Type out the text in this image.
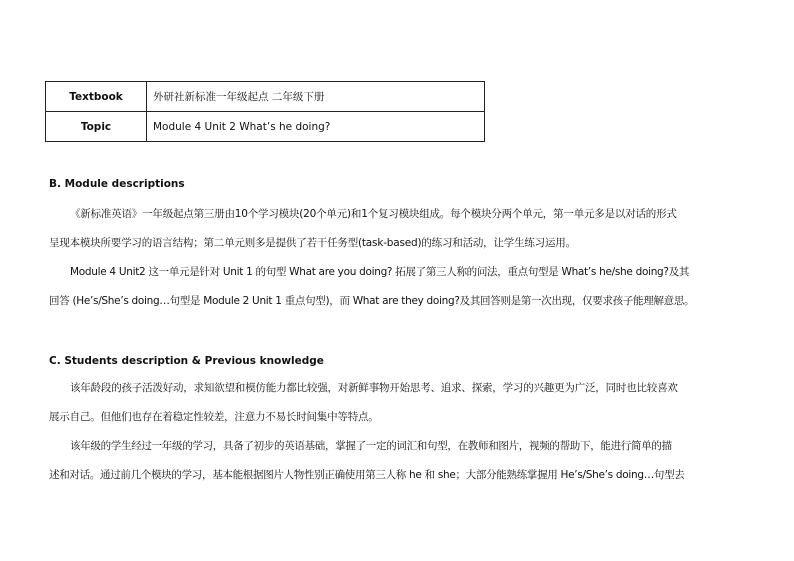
Textbook	外研社新标准一年级起点 二年级下册
Topic	Module 4 Unit 2 What’s he doing?
B. Module descriptions
《新标准英语》一年级起点第三册由10个学习模块(20个单元)和1个复习模块组成。每个模块分两个单元，第一单元多是以对话的形式
呈现本模块所要学习的语言结构；第二单元则多是提供了若干任务型(task-based)的练习和活动，让学生练习运用。
Module 4 Unit2 这一单元是针对 Unit 1 的句型 What are you doing? 拓展了第三人称的问法，重点句型是 What’s he/she doing?及其
回答 (He’s/She’s doing…句型是 Module 2 Unit 1 重点句型)，而 What are they doing?及其回答则是第一次出现，仅要求孩子能理解意思。
C. Students description & Previous knowledge
该年龄段的孩子活泼好动，求知欲望和模仿能力都比较强，对新鲜事物开始思考、追求、探索，学习的兴趣更为广泛，同时也比较喜欢
展示自己。但他们也存在着稳定性较差，注意力不易长时间集中等特点。
该年级的学生经过一年级的学习，具备了初步的英语基础，掌握了一定的词汇和句型，在教师和图片，视频的帮助下，能进行简单的描
述和对话。通过前几个模块的学习，基本能根据图片人物性别正确使用第三人称 he 和 she；大部分能熟练掌握用 He’s/She’s doing…句型去
